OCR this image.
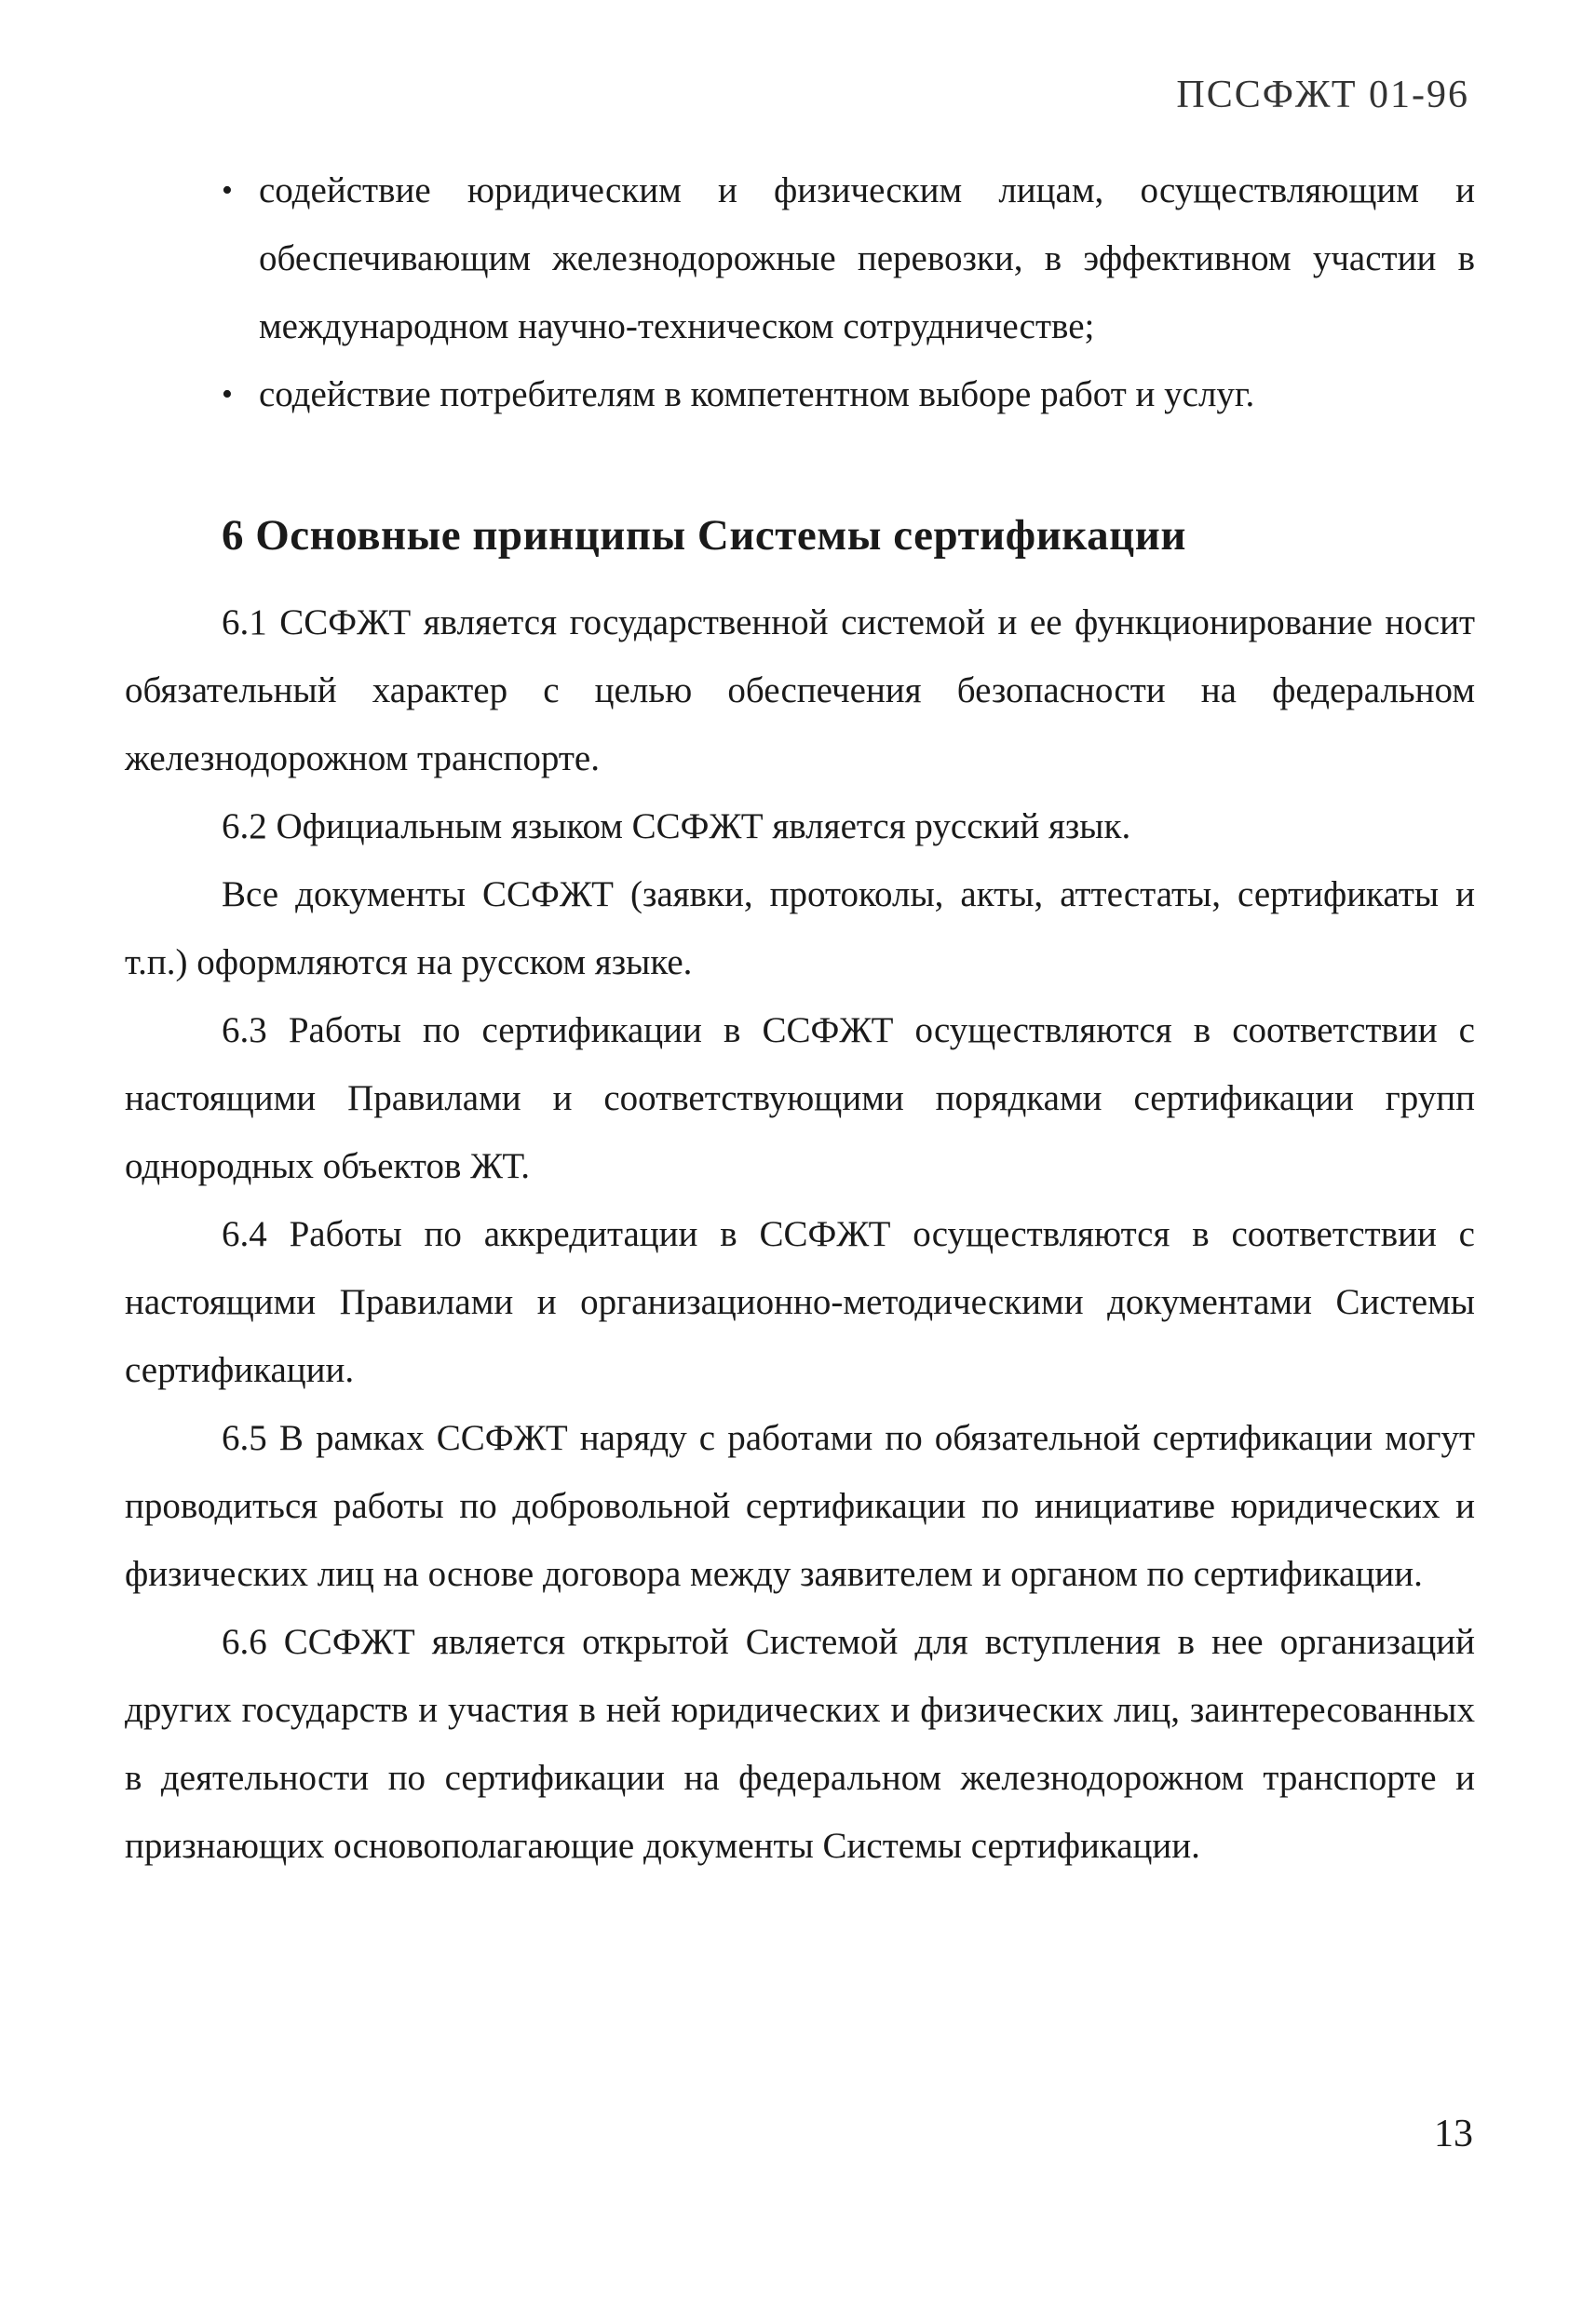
ПССФЖТ 01-96

• содействие юридическим и физическим лицам, осуществляющим и обеспечивающим железнодорожные перевозки, в эффективном участии в международном научно-техническом сотрудничестве;
• содействие потребителям в компетентном выборе работ и услуг.
6 Основные принципы Системы сертификации

6.1 ССФЖТ является государственной системой и ее функционирование носит обязательный характер с целью обеспечения безопасности на федеральном железнодорожном транспорте.

6.2 Официальным языком ССФЖТ является русский язык.

Все документы ССФЖТ (заявки, протоколы, акты, аттестаты, сертификаты и т.п.) оформляются на русском языке.

6.3 Работы по сертификации в ССФЖТ осуществляются в соответствии с настоящими Правилами и соответствующими порядками сертификации групп однородных объектов ЖТ.

6.4 Работы по аккредитации в ССФЖТ осуществляются в соответствии с настоящими Правилами и организационно-методическими документами Системы сертификации.

6.5 В рамках ССФЖТ наряду с работами по обязательной сертификации могут проводиться работы по добровольной сертификации по инициативе юридических и физических лиц на основе договора между заявителем и органом по сертификации.

6.6 ССФЖТ является открытой Системой для вступления в нее организаций других государств и участия в ней юридических и физических лиц, заинтересованных в деятельности по сертификации на федеральном железнодорожном транспорте и признающих основополагающие документы Системы сертификации.

13
